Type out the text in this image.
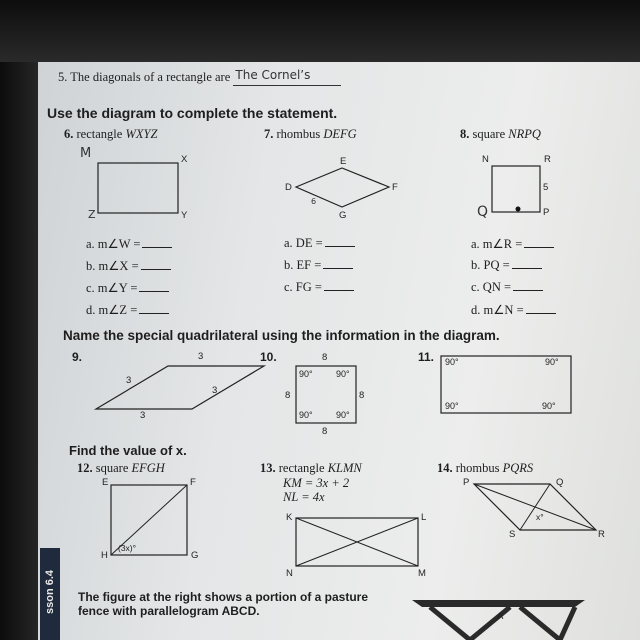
sson 6.4
5. The diagonals of a rectangle are The Cornel’s
Use the diagram to complete the statement.
6. rectangle WXYZ	7. rhombus DEFG	8. square NRPQ
M	X
Y
Z
E
D	F
G
6
N	R
5
P
Q
a. m∠W =
b. m∠X =
c. m∠Y =
d. m∠Z =
a. DE =
b. EF =
c. FG =
a. m∠R =
b. PQ =
c. QN =
d. m∠N =
Name the special quadrilateral using the information in the diagram.
9.	3
3
3
3
10.	8
8	8
8
90°	90°
90°	90°
11. 90°	90°
90°	90°
Find the value of x.
12. square EFGH
E	F
G
H
(3x)°
13. rectangle KLMN
KM = 3x + 2
NL = 4x
K	L
M
N
14. rhombus PQRS
P	Q
R
S
x°
The figure at the right shows a portion of a pasture
fence with parallelogram ABCD.	A
